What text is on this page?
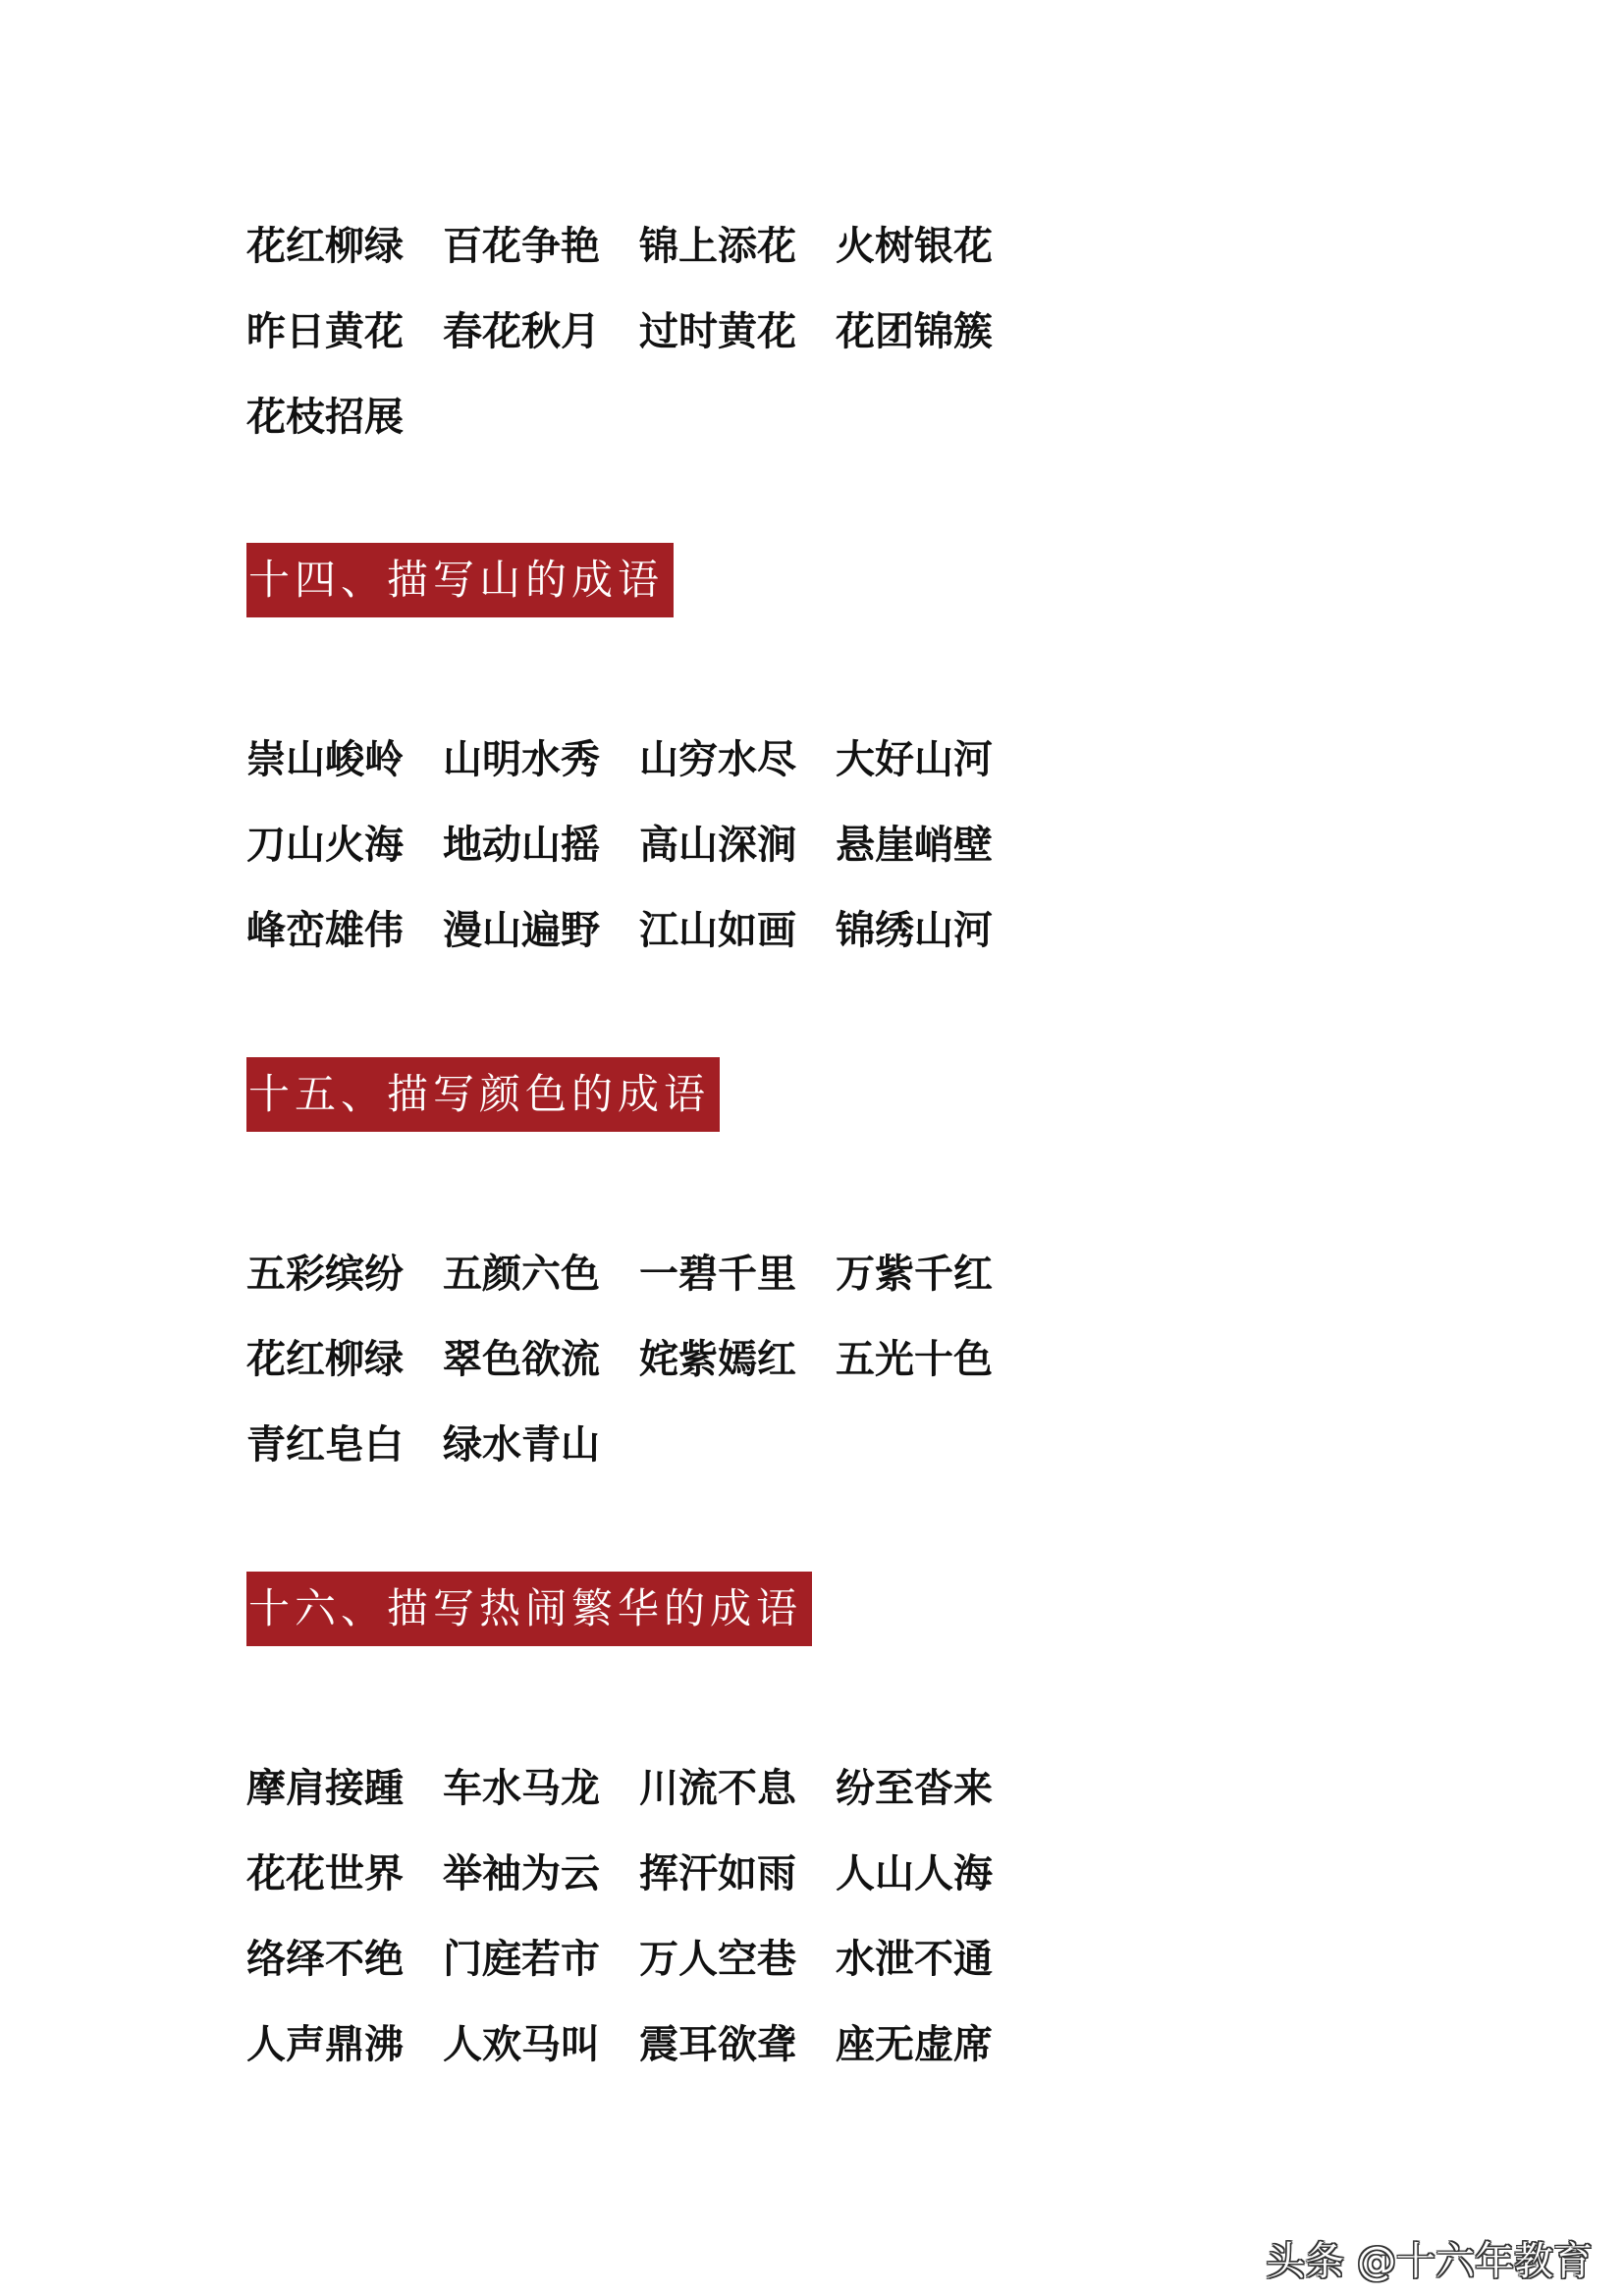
花红柳绿	百花争艳	锦上添花	火树银花
昨日黄花	春花秋月	过时黄花	花团锦簇
花枝招展
十四、描写山的成语
崇山峻岭	山明水秀	山穷水尽	大好山河
刀山火海	地动山摇	高山深涧	悬崖峭壁
峰峦雄伟	漫山遍野	江山如画	锦绣山河
十五、描写颜色的成语
五彩缤纷	五颜六色	一碧千里	万紫千红
花红柳绿	翠色欲流	姹紫嫣红	五光十色
青红皂白	绿水青山
十六、描写热闹繁华的成语
摩肩接踵	车水马龙	川流不息	纷至沓来
花花世界	举袖为云	挥汗如雨	人山人海
络绎不绝	门庭若市	万人空巷	水泄不通
人声鼎沸	人欢马叫	震耳欲聋	座无虚席
头条 @十六年教育
